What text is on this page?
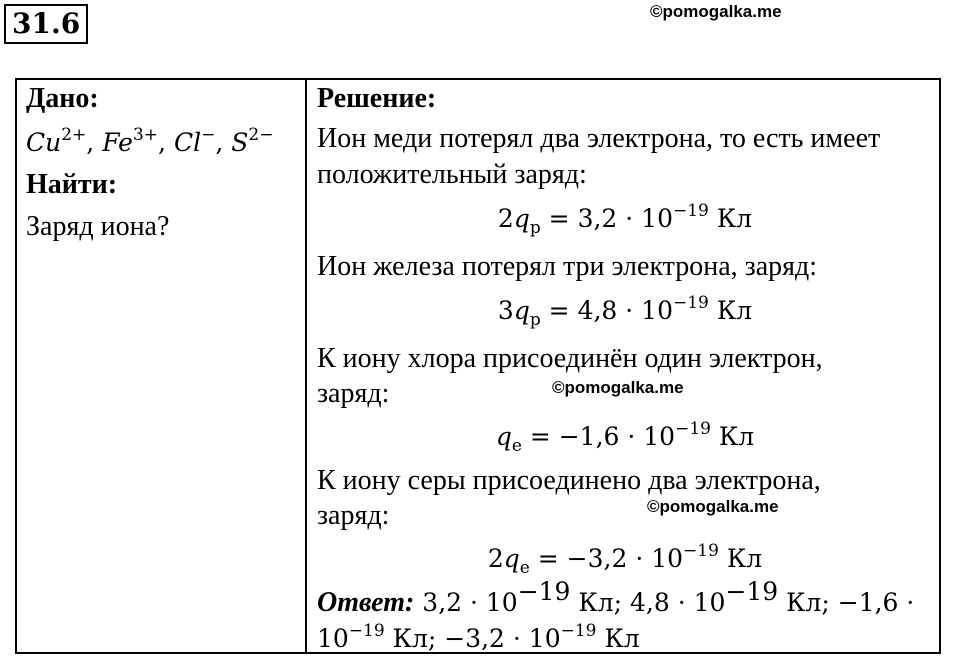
31.6	©pomogalka.me
Дано:
$Cu^{2+}$, $Fe^{3+}$, Cl−, $S^{2-}$
Найти:
Заряд иона?
Решение:
Ион меди потерял два электрона, то есть имеет
положительный заряд:
$2q_p = 3,2 \cdot 10^{-19}$ Кл
Ион железа потерял три электрона, заряд:
$3q_p = 4,8 \cdot 10^{-19}$ Кл
К иону хлора присоединён один электрон,
заряд:
$q_e = -1,6 \cdot 10^{-19}$ Кл
К иону серы присоединено два электрона,
заряд:
$2q_e = -3,2 \cdot 10^{-19}$ Кл
Ответ: $3,2 \cdot 10^{-19}$ Кл; $4,8 \cdot 10^{-19}$ Кл; −1,6 ·
$10^{-19}$ Кл; $-3,2 \cdot 10^{-19}$ Кл
©pomogalka.me
©pomogalka.me
